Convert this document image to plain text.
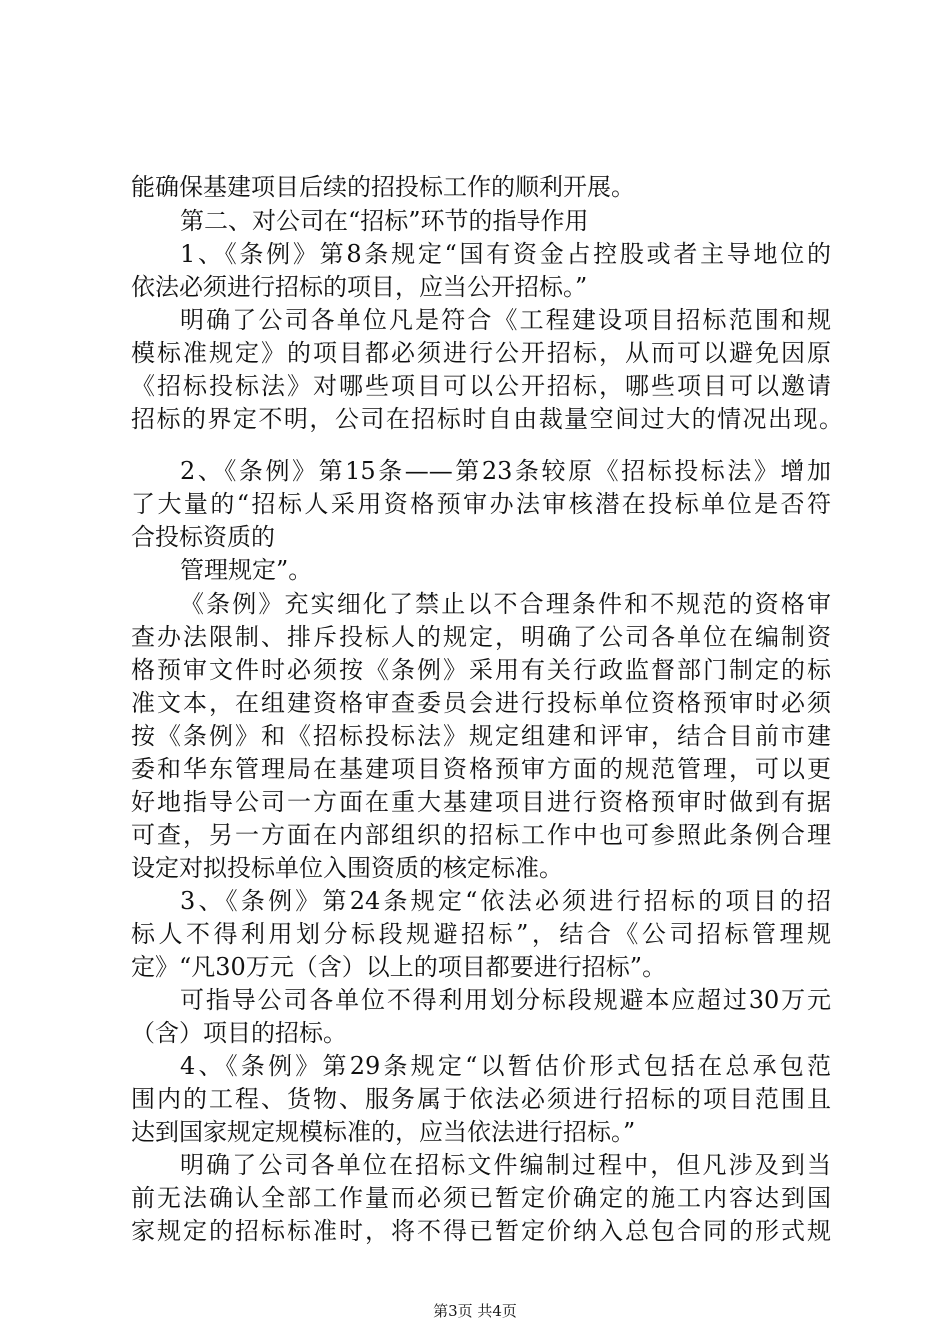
能确保基建项目后续的招投标工作的顺利开展。
第二、对公司在“招标”环节的指导作用
1、《条例》第8条规定“国有资金占控股或者主导地位的
依法必须进行招标的项目，应当公开招标。”
明确了公司各单位凡是符合《工程建设项目招标范围和规
模标准规定》的项目都必须进行公开招标，从而可以避免因原
《招标投标法》对哪些项目可以公开招标，哪些项目可以邀请
招标的界定不明，公司在招标时自由裁量空间过大的情况出现。
2、《条例》第15条——第23条较原《招标投标法》增加
了大量的“招标人采用资格预审办法审核潜在投标单位是否符
合投标资质的
管理规定”。
《条例》充实细化了禁止以不合理条件和不规范的资格审
查办法限制、排斥投标人的规定，明确了公司各单位在编制资
格预审文件时必须按《条例》采用有关行政监督部门制定的标
准文本，在组建资格审查委员会进行投标单位资格预审时必须
按《条例》和《招标投标法》规定组建和评审，结合目前市建
委和华东管理局在基建项目资格预审方面的规范管理，可以更
好地指导公司一方面在重大基建项目进行资格预审时做到有据
可查，另一方面在内部组织的招标工作中也可参照此条例合理
设定对拟投标单位入围资质的核定标准。
3、《条例》第24条规定“依法必须进行招标的项目的招
标人不得利用划分标段规避招标”，结合《公司招标管理规
定》“凡30万元（含）以上的项目都要进行招标”。
可指导公司各单位不得利用划分标段规避本应超过30万元
（含）项目的招标。
4、《条例》第29条规定“以暂估价形式包括在总承包范
围内的工程、货物、服务属于依法必须进行招标的项目范围且
达到国家规定规模标准的，应当依法进行招标。”
明确了公司各单位在招标文件编制过程中，但凡涉及到当
前无法确认全部工作量而必须已暂定价确定的施工内容达到国
家规定的招标标准时，将不得已暂定价纳入总包合同的形式规
第3页 共4页
